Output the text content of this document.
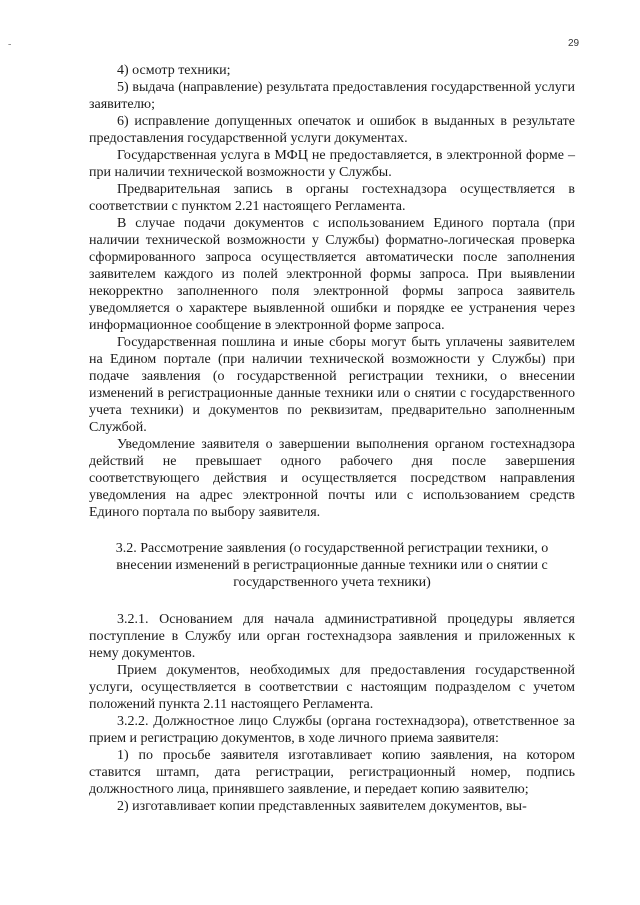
‐	29

4) осмотр техники;

5) выдача (направление) результата предоставления государственной услуги заявителю;

6) исправление допущенных опечаток и ошибок в выданных в результате предоставления государственной услуги документах.

Государственная услуга в МФЦ не предоставляется, в электронной форме – при наличии технической возможности у Службы.

Предварительная запись в органы гостехнадзора осуществляется в соответствии с пунктом 2.21 настоящего Регламента.

В случае подачи документов с использованием Единого портала (при наличии технической возможности у Службы) форматно-логическая проверка сформированного запроса осуществляется автоматически после заполнения заявителем каждого из полей электронной формы запроса. При выявлении некорректно заполненного поля электронной формы запроса заявитель уведомляется о характере выявленной ошибки и порядке ее устранения через информационное сообщение в электронной форме запроса.

Государственная пошлина и иные сборы могут быть уплачены заявителем на Едином портале (при наличии технической возможности у Службы) при подаче заявления (о государственной регистрации техники, о внесении изменений в регистрационные данные техники или о снятии с государственного учета техники) и документов по реквизитам, предварительно заполненным Службой.

Уведомление заявителя о завершении выполнения органом гостехнадзора действий не превышает одного рабочего дня после завершения соответствующего действия и осуществляется посредством направления уведомления на адрес электронной почты или с использованием средств Единого портала по выбору заявителя.

3.2. Рассмотрение заявления (о государственной регистрации техники, о внесении изменений в регистрационные данные техники или о снятии с государственного учета техники)

3.2.1. Основанием для начала административной процедуры является поступление в Службу или орган гостехнадзора заявления и приложенных к нему документов.

Прием документов, необходимых для предоставления государственной услуги, осуществляется в соответствии с настоящим подразделом с учетом положений пункта 2.11 настоящего Регламента.

3.2.2. Должностное лицо Службы (органа гостехнадзора), ответственное за прием и регистрацию документов, в ходе личного приема заявителя:

1) по просьбе заявителя изготавливает копию заявления, на котором ставится штамп, дата регистрации, регистрационный номер, подпись должностного лица, принявшего заявление, и передает копию заявителю;

2) изготавливает копии представленных заявителем документов, вы-
